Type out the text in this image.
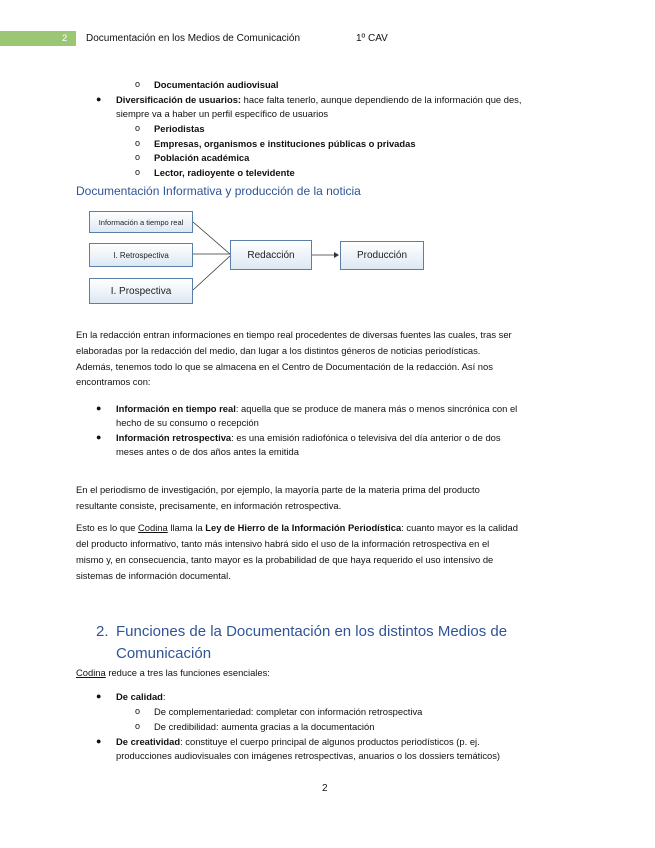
2 Documentación en los Medios de Comunicación	1º CAV
o Documentación audiovisual
● Diversificación de usuarios: hace falta tenerlo, aunque dependiendo de la información que des,
siempre va a haber un perfil específico de usuarios
o Periodistas
o Empresas, organismos e instituciones públicas o privadas
o Población académica
o Lector, radioyente o televidente
Documentación Informativa y producción de la noticia
Información a tiempo real
I. Retrospectiva
I. Prospectiva
Redacción	Producción
En la redacción entran informaciones en tiempo real procedentes de diversas fuentes las cuales, tras ser
elaboradas por la redacción del medio, dan lugar a los distintos géneros de noticias periodísticas.
Además, tenemos todo lo que se almacena en el Centro de Documentación de la redacción. Así nos
encontramos con:
● Información en tiempo real: aquella que se produce de manera más o menos sincrónica con el
hecho de su consumo o recepción
● Información retrospectiva: es una emisión radiofónica o televisiva del día anterior o de dos
meses antes o de dos años antes la emitida
En el periodismo de investigación, por ejemplo, la mayoría parte de la materia prima del producto
resultante consiste, precisamente, en información retrospectiva.
Esto es lo que Codina llama la Ley de Hierro de la Información Periodística: cuanto mayor es la calidad
del producto informativo, tanto más intensivo habrá sido el uso de la información retrospectiva en el
mismo y, en consecuencia, tanto mayor es la probabilidad de que haya requerido el uso intensivo de
sistemas de información documental.
2. Funciones de la Documentación en los distintos Medios de
Comunicación
Codina reduce a tres las funciones esenciales:
● De calidad:
o De complementariedad: completar con información retrospectiva
o De credibilidad: aumenta gracias a la documentación
● De creatividad: constituye el cuerpo principal de algunos productos periodísticos (p. ej.
producciones audiovisuales con imágenes retrospectivas, anuarios o los dossiers temáticos)
2
